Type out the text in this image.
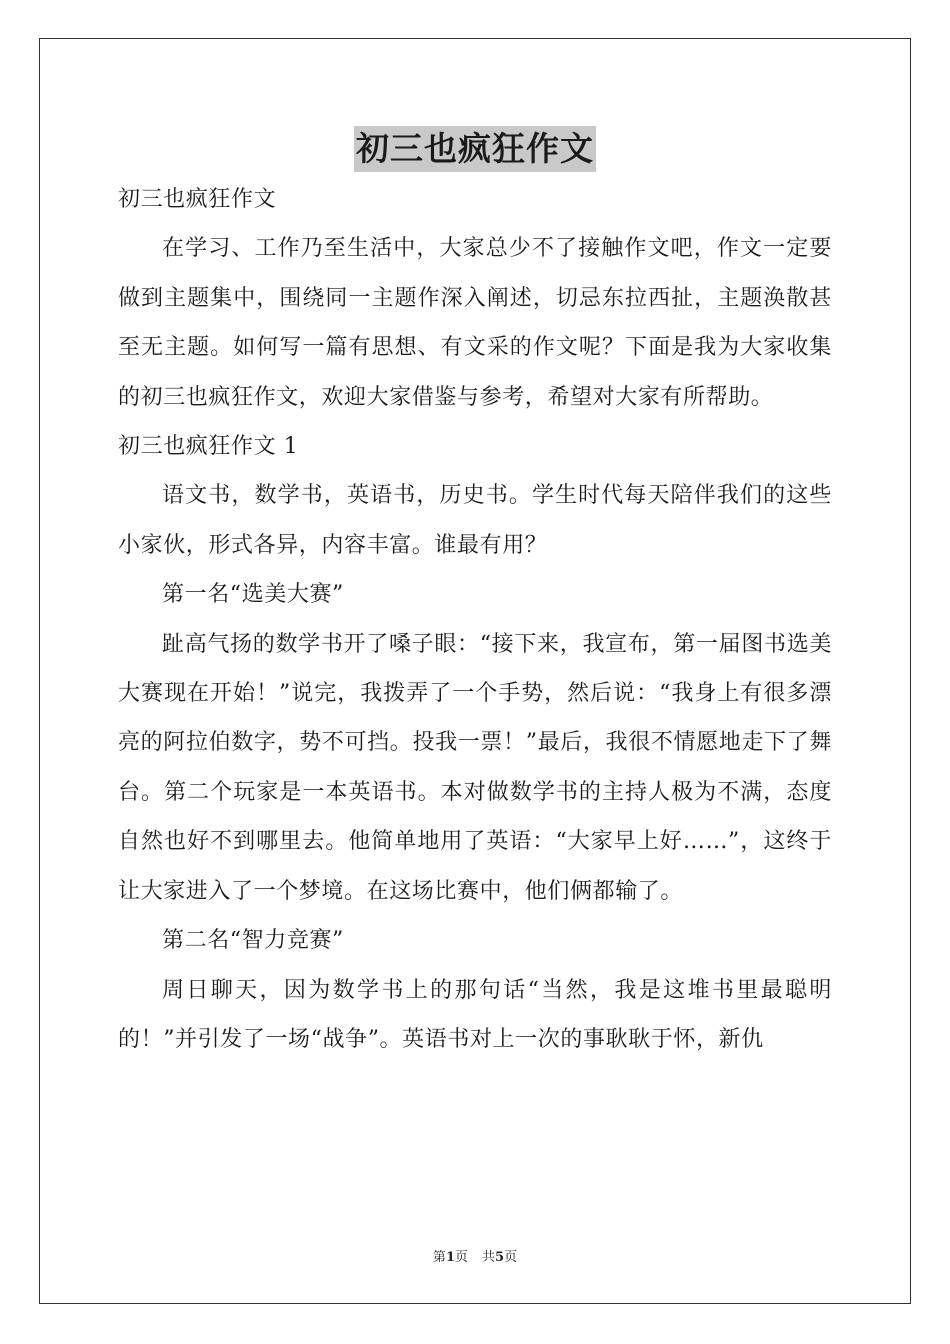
初三也疯狂作文

初三也疯狂作文

在学习、工作乃至生活中，大家总少不了接触作文吧，作文一定要做到主题集中，围绕同一主题作深入阐述，切忌东拉西扯，主题涣散甚至无主题。如何写一篇有思想、有文采的作文呢？下面是我为大家收集的初三也疯狂作文，欢迎大家借鉴与参考，希望对大家有所帮助。

初三也疯狂作文 1

语文书，数学书，英语书，历史书。学生时代每天陪伴我们的这些小家伙，形式各异，内容丰富。谁最有用？

第一名“选美大赛”

趾高气扬的数学书开了嗓子眼：“接下来，我宣布，第一届图书选美大赛现在开始！”说完，我拨弄了一个手势，然后说：“我身上有很多漂亮的阿拉伯数字，势不可挡。投我一票！”最后，我很不情愿地走下了舞台。第二个玩家是一本英语书。本对做数学书的主持人极为不满，态度自然也好不到哪里去。他简单地用了英语：“大家早上好……”，这终于让大家进入了一个梦境。在这场比赛中，他们俩都输了。

第二名“智力竞赛”

周日聊天，因为数学书上的那句话“当然，我是这堆书里最聪明的！”并引发了一场“战争”。英语书对上一次的事耿耿于怀，新仇

第1页 共5页
